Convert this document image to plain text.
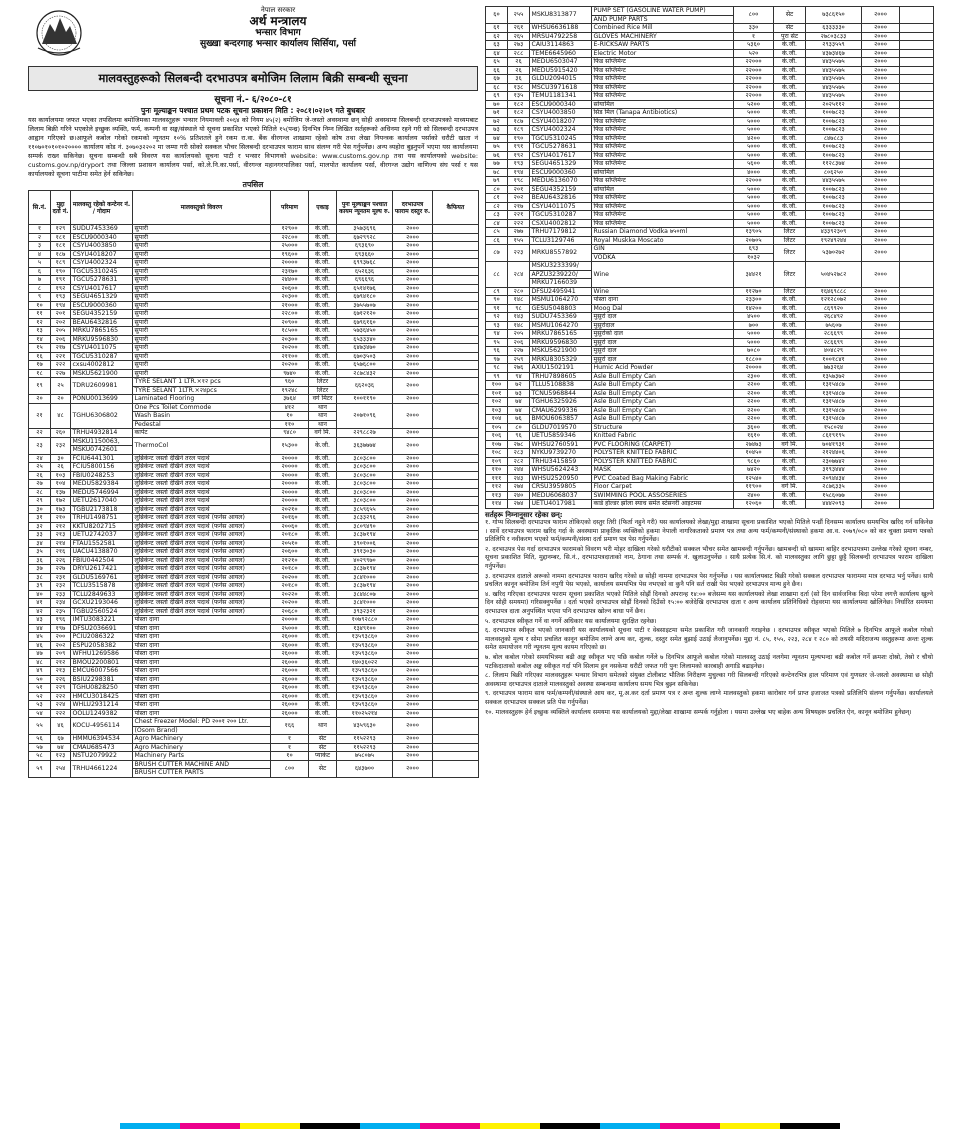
नेपाल सरकार
अर्थ मन्त्रालय
भन्सार विभाग
सुख्खा बन्दरगाह भन्सार कार्यालय सिर्सिया, पर्सा
मालवस्तुहरूको सिलबन्दी दरभाउपत्र बमोजिम लिलाम बिक्री सम्बन्धी सूचना
सूचना नं.- ६/२०८०-८१
पुनः मूल्याङ्कन पश्चात प्रथम पटक सूचना प्रकाशन मिति : २०८१।०२।०९ गते बुधबार
यस कार्यालयमा जफत भएका तपसिलमा बमोजिमका मालवस्तुहरू भन्सार नियमावली २०६४ को नियम ४५(२) बमोजिम जे-जस्तो अवस्थामा छन् सोही अवस्थामा सिलबन्दी दरभाउपत्रको माध्यमबाट लिलाम बिक्री गरिने भएकोले इच्छुक व्यक्ति, फर्म, कम्पनी वा सङ्घ/संस्थाले यो सूचना प्रकाशित भएको मितिले १५(पन्ध्र) दिनभित्र निम्न लिखित सर्तहरूको अधिनमा रहने गरी सो सिलबन्दी दरभाउपत्र आह्वान गरिएको छ।आफूले कबोल गरेको रकमको न्यूनतम १०% प्रतिशतले हुने रकम रा.वा. बैंक वीरगन्ज शाखामा रहेको कोष तथा लेखा नियन्त्रक कार्यालय पर्साको धरौटी खाता नं ११०७०१०१०१०२०००० कार्यालय कोड नं. ३०७०३२२०२ मा जम्मा गरी सोको सक्कल भौचर सिलबन्दी दरभाउपत्र फाराम साथ संलग्न गरी पेस गर्नुपर्नेछ। अन्य व्यहोरा बुझ्नुपर्ने भएमा यस कार्यालयमा सम्पर्क राख्न सकिनेछ। सूचना सम्बन्धी सबै विवरण यस कार्यालयको सूचना पाटी र भन्सार विभागको website: www.customs.gov.np तथा यस कार्यालयको website: customs.gov.np/dryport तथा जिल्ला प्रशासन कार्यालय पर्सा, को.ले.नि.का.पर्सा, वीरगन्ज महानगरपालिका पर्सा, मालपोत कार्यालय पर्सा, वीरगन्ज उद्योग वाणिज्य संघ पर्सा र यस कार्यालयको सूचना पाटीमा समेत हेर्न सकिनेछ।
तपसिल
सि.नं.	मुद्दा दर्ता नं.	मालवस्तु रहेको कन्टेनर नं. / गोदाम	मालवस्तुको विवरण	परिमाण	एकाइ	पुनः मूल्याङ्कन पश्चात कायम न्यूनतम मूल्य रु.	दरभाउपत्र फाराम दस्तुर रु.	कैफियत
१	१२९	SUDU7453369	सुपारी	१२९००	के.जी.	३५७३६९६	२०००	
२	१८१	ESCU9000340	सुपारी	२२८००	के.जी.	६७२९९२८	२०००	
३	१८१	CSYU4003850	सुपारी	२५०००	के.जी.	६९३६९०	२०००	
४	१८७	CSYU4018207	सुपारी	१९६००	के.जी.	६९३६६०	२०००	
५	१८९	CSYU4002324	सुपारी	२००००	के.जी.	६९९३७६८	२०००	
६	१९०	TGCU5310245	सुपारी	२३१७०	के.जी.	६५२६३६	२०००	
७	१९१	TGCU5278631	सुपारी	२४४००	के.जी.	६९६६९६	२०००	
८	१९२	CSYU4017617	सुपारी	२०६००	के.जी.	६५१४१७६	२०००	
९	१९३	SEGU4651329	सुपारी	२०३००	के.जी.	६७९४१८०	२०००	
१०	१९४	ESCU9000360	सुपारी	२१०००	के.जी.	३७५५७०७	२०००	
११	२०१	SEGU4352159	सुपारी	२२८००	के.जी.	६७१२१२०	२०००	
१२	२०२	BEAU6432816	सुपारी	२०९००	के.जी.	६७९६१६०	२०००	
१३	२०५	MRKU7865165	सुपारी	१८५००	के.जी.	५७३६४५०	२०००	
१४	२०६	MRKU9596830	सुपारी	२०३००	के.जी.	६५३३३४०	२०००	
१५	२१७	CSYU4011075	सुपारी	२०२००	के.जी.	६४७३४७०	२०००	
१६	२२१	TGCU5310287	सुपारी	२११००	के.जी.	६७०३५०३	२०००	
१७	२२२	cxsu4002812	सुपारी	२०२००	के.जी.	६५७६८००	२०००	
१८	२२७	MSKU5621900	सुपारी	९७४०	के.जी.	२८७८४३२	२०००	
१९	२५	TDRU2609981	TYRE SELANT 1 LTR.×१२ pcs	९६०	लिटर	६६२०३६	२०००	
			TYRE SELANT 1LTR.×२४pcs	१९२४८	लिटर			
२०	२०	PONU0013699	Laminated Flooring	३७६४	वर्ग मिटर	१००११९०	२०००	
२१	४८	TGHU6306802	One Pcs Toilet Commode	४१२	थान	२०७१०९६	२०००	
			Wash Basin	१०	थान			
			Pedestal	११०	थान			
२२	२६०	TRHU4932814	कार्पेट	९४८०	वर्ग मि.	२२९८८२७	२०००	
२३	२३२	MSKU1150063,	ThermoCol	१५३००	के.जी.	३६३७७७४	२०००	
		MSKU0742601						
२४	३०	FCIU6441301	लुब्रिकेन्ट जस्तो देखिने तरल पदार्थ	२००००	के.जी.	३८०३८००	२०००	
२५	२६	FCIU5800156	लुब्रिकेन्ट जस्तो देखिने तरल पदार्थ	२००००	के.जी.	३८०३८००	२०००	
२६	१०३	FBIU0248253	लुब्रिकेन्ट जस्तो देखिने तरल पदार्थ	२००००	के.जी.	३८०३८००	२०००	
२७	१०४	MEDU5829384	लुब्रिकेन्ट जस्तो देखिने तरल पदार्थ	२००००	के.जी.	३८०३८००	२०००	
२८	१३७	MEDU5746994	लुब्रिकेन्ट जस्तो देखिने तरल पदार्थ	२००००	के.जी.	३८०३८००	२०००	
२९	१७२	UETU2617040	लुब्रिकेन्ट जस्तो देखिने तरल पदार्थ	२००००	के.जी.	३८०३८००	२०००	
३०	१७३	TGBU2173818	लुब्रिकेन्ट जस्तो देखिने तरल पदार्थ	२०२१०	के.जी.	३८५९६५५	२०००	
३१	२१०	TRHU1498751	लुब्रिकेन्ट जस्तो देखिने तरल पदार्थ (फर्नेस आयल)	२०१६०	के.जी.	३८३३२९६	२०००	
३२	२१२	KKTU8202715	लुब्रिकेन्ट जस्तो देखिने तरल पदार्थ (फर्नेस आयल)	२००६०	के.जी.	३८०९४९०	२०००	
३३	२१३	UETU2742037	लुब्रिकेन्ट जस्तो देखिने तरल पदार्थ (फर्नेस आयल)	२०१८०	के.जी.	३८३७१९४	२०००	
३४	२१४	FTAU1552581	लुब्रिकेन्ट जस्तो देखिने तरल पदार्थ (फर्नेस आयल)	२०५१०	के.जी.	३९०१००६	२०००	
३५	२१६	UACU4138870	लुब्रिकेन्ट जस्तो देखिने तरल पदार्थ (फर्नेस आयल)	२०६००	के.जी.	३९१३०३०	२०००	
३६	२२६	FBIU0442504	लुब्रिकेन्ट जस्तो देखिने तरल पदार्थ (फर्नेस आयल)	२१२१०	के.जी.	४०२९९७०	२०००	
३७	२२७	DRYU2617421	लुब्रिकेन्ट जस्तो देखिने तरल पदार्थ (फर्नेस आयल)	२०१८०	के.जी.	३८३७१९४	२०००	
३८	२३१	GLDU5169761	लुब्रिकेन्ट जस्तो देखिने तरल पदार्थ (फर्नेस आयल)	२०२००	के.जी.	३८४१०००	२०००	
३९	२३२	TCLU3515878	लुब्रिकेन्ट जस्तो देखिने तरल पदार्थ (फर्नेस आयल)	२०१८०	के.जी.	३८३७१९४	२०००	
४०	२३३	TCLU2849633	लुब्रिकेन्ट जस्तो देखिने तरल पदार्थ (फर्नेस आयल)	२०२२०	के.जी.	३८४४८०७	२०००	
४१	२३४	GCXU2193046	लुब्रिकेन्ट जस्तो देखिने तरल पदार्थ (फर्नेस आयल)	२०२००	के.जी.	३८४१०००	२०००	
४२	२३५	TGBU2560524	लुब्रिकेन्ट जस्तो देखिने तरल पदार्थ (फर्नेस आयल)	२०६८०	के.जी.	३९३२३२१	२०००	
४३	१९६	IMTU3083221	पोस्ता दाना	२००००	के.जी.	१०७९२८८०	२०००	
४४	१९७	DFSU2036691	पोस्ता दाना	२५०००	के.जी.	१३४९१००	२०००	
४५	२००	PCIU2086322	पोस्ता दाना	२६०००	के.जी.	१३५९३८६०	२०००	
४६	२०२	ESPU2058382	पोस्ता दाना	२६०००	के.जी.	१३५९३८६०	२०००	
४७	२०९	WFHU1269586	पोस्ता दाना	२६०००	के.जी.	१३५९३८६०	२०००	
४८	२१२	BMOU2200801	पोस्ता दाना	२६०००	के.जी.	१४०३६०२२	२०००	
४९	२१३	EMCU6007566	पोस्ता दाना	२६०००	के.जी.	१३५९३८६०	२०००	
५०	२२६	BSIU2298381	पोस्ता दाना	२६०००	के.जी.	१३५९३८६०	२०००	
५१	२२९	TGHU0828250	पोस्ता दाना	२६०००	के.जी.	१३५९३८६०	२०००	
५२	२२२	HMCU3018425	पोस्ता दाना	२६०००	के.जी.	१३५९३८६०	२०००	
५३	२२४	WHLU2931214	पोस्ता दाना	२६०००	के.जी.	१३५९३८६०	२०००	
५४	२२२	OOLU1249382	पोस्ता दाना	२६०००	के.जी.	११०२५२१४	२०००	
५५	४६	KOCU-4956114	Chest Freezer Model: PD २००१ २०० Ltr.	१६६	थान	४३५९६३०	२०००	
			(Osom Brand)					
५६	६७	HMMU6394534	Agro Machinery	१	सेट	११५२२९३	२०००	
५७	७४	CMAU685473	Agro Machinery	१	सेट	११५२२९३	२०००	
५८	१२३	NSTU2079922	Machinery Parts	१०	प्याकेट	७५८०७५	२०००	
५९	२५४	TRHU4661224	BRUSH CUTTER MACHINE AND	८००	सेट	६४३७००	२०००	
			BRUSH CUTTER PARTS					
६०	२५५	MSKU8313877	PUMP SET (GASOLINE WATER PUMP)	८००	सेट	७३८६१५०	२०००	
			AND PUMP PARTS					
६१	२६१	WHSU6636188	Combined Rice Mill	३३०	सेट	६३३३३३०	२०००	
६२	२६५	MRSU4792258	GLOVES MACHINERY	१	पुरा सेट	२७८०३८३३	२०००	
६३	२७३	CAIU3114863	E-RICKSAW PARTS	५३६०	के.जी.	२९३३५५९	२०००	
६४	२८८	TEME6645960	Electric Motor	५२०	के.जी.	४३७३४६७	२०००	
६५	२६	MEDU6503047	फिड सप्लिमेन्ट	२२०००	के.जी.	४४३५५७५	२०००	
६६	२६	MEDU5915420	फिड सप्लिमेन्ट	२२०००	के.जी.	४४३५५७५	२०००	
६७	३६	GLDU2094015	फिड सप्लिमेन्ट	२२०००	के.जी.	४४३५५७५	२०००	
६८	१३८	MSCU3971618	फिड सप्लिमेन्ट	२२०००	के.जी.	४४३५५७५	२०००	
६९	१३५	TEMU1181341	फिड सप्लिमेन्ट	२२०००	के.जी.	४४३५५७५	२०००	
७०	१८२	ESCU9000340	सोयामिल	५२००	के.जी.	२०२५११२	२०००	
७१	१८२	CSYU4003850	सिड मिल (Tanapa Antibiotics)	५०००	के.जी.	१००७८२३	२०००	
७२	१८७	CSYU4018207	फिड सप्लिमेन्ट	५०००	के.जी.	१००७८२३	२०००	
७३	१८९	CSYU4002324	फिड सप्लिमेन्ट	५०००	के.जी.	१००७८२३	२०००	
७४	१९०	TGCU5310245	फिड सप्लिमेन्ट	४२००	के.जी.	८४७८८३	२०००	
७५	१९१	TGCU5278631	फिड सप्लिमेन्ट	५०००	के.जी.	१००७८२३	२०००	
७६	१९२	CSYU4017617	फिड सप्लिमेन्ट	५०००	के.जी.	१००७८२३	२०००	
७७	१९३	SEGU4651329	फिड सप्लिमेन्ट	५६००	के.जी.	११२८३७४	२०००	
७८	१९४	ESCU9000360	सोयामिल	४०००	के.जी.	८०६२५०	२०००	
७९	१९८	MEDU6136070	फिड सप्लिमेन्ट	२२०००	के.जी.	४४३५५७५	२०००	
८०	२०१	SEGU4352159	सोयामिल	५०००	के.जी.	१००७८२३	२०००	
८१	२०२	BEAU6432816	फिड सप्लिमेन्ट	५०००	के.जी.	१००७८२३	२०००	
८२	२१७	CSYU4011075	फिड सप्लिमेन्ट	५०००	के.जी.	१००७८२३	२०००	
८३	२२१	TGCU5310287	फिड सप्लिमेन्ट	५०००	के.जी.	१००७८२३	२०००	
८४	२२२	CSXU4002812	फिड सप्लिमेन्ट	५०००	के.जी.	१००७८२३	२०००	
८५	२७७	TRHU7179812	Russian Diamond Vodka ७५०ml	१३९०५	लिटर	४३३९२३०९	२०००	
८६	१५५	TCLU3129746	Royal Muskka Moscato	२०७०५	लिटर	१९२४९२४४	२०००	
८७	२२३	MRKU8557892	GIN	६९३	लिटर	५३७०२७२	२०००	
			VODKA	१०३२				
८८	२८४	MSKU3233399/	Wine	३४४२१	लिटर	५०४५२७८२	२०००	
		APZU3239220/						
		MRKU7166039						
८९	२८०	DFSU2495941	Wine	११२७०	लिटर	१६४६९८८८	२०००	
९०	१४८	MSMU1064270	पोस्ता दाना	२३३००	के.जी.	१२१२८०७२	२०००	
९१	९८	GESU5048803	Moog Dal	१४२००	के.जी.	८६९९२०	२०००	
९२	१४३	SUDU7453369	मुसुरो दाल	४५००	के.जी.	२६८४९२	२०००	
९३	१४८	MSMU1064270	मुसुरोदाल	७००	के.जी.	७५६०७	२०००	
९४	२०५	MRKU7865165	मुसुरोको दाल	५०००	के.जी.	२८६६९९	२०००	
९५	२०६	MRKU9596830	मुसुरो दाल	५०००	के.जी.	२८६६९९	२०००	
९६	२२७	MSKU5621900	मुसुरो दाल	७०८०	के.जी.	४०४८२९	२०००	
९७	२५९	MRKU8305329	मुसुरो दाल	१८८००	के.जी.	१००१८४१	२०००	
९८	२७६	AXIU1502191	Humic Acid Powder	२००००	के.जी.	७७३२६४	२०००	
९९	९४	TRHU7898605	Asle Bull Empty Can	२३००	के.जी.	१३५७३७२	२०००	
१००	७२	TLLU5108838	Asle Bull Empty Can	२२००	के.जी.	१३१५४८७	२०००	
१०१	७३	TCNU5968844	Asle Bull Empty Can	२२००	के.जी.	१३१५४८७	२०००	
१०२	७४	TGHU6325926	Asle Bull Empty Can	२२००	के.जी.	१३१५४८७	२०००	
१०३	७४	CMAU6299336	Asle Bull Empty Can	२२००	के.जी.	१३१५४८७	२०००	
१०४	७६	BMOU6063857	Asle Bull Empty Can	२२००	के.जी.	१३१५४८७	२०००	
१०५	८०	GLDU7019570	Structure	३६००	के.जी.	१५८०२४	२०००	
१०६	९६	UETU5859346	Knitted Fabric	१६१०	के.जी.	८६१९१९५	२०००	
१०७	२७८	WHSU2760591	PVC FLOORING (CARPET)	२७४७३	वर्ग मि.	७०४१९३१	२०००	
१०८	२८३	NYKU9739270	POLYSTER KNITTED FABRIC	१०४५०	के.जी.	२१२४४०६	२०००	
१०९	२८२	TRHU3415859	POLYSTER KNITTED FABRIC	९८६०	के.जी.	२३०७७४२	२०००	
११०	२४४	WHSU5624243	MASK	७४२०	के.जी.	३१९३४४४	२०००	
१११	२४३	WHSU2520950	PVC Coated Bag Making Fabric	१२५४०	के.जी.	२०९४४३४	२०००	
११२	२७४	CRSU3959805	Floor Carpet	११९००	वर्ग मि.	२८७६३३५	२०००	
११३	२४०	MEDU6068037	SWIMMING POOL ASSOSERIES	२४००	के.जी.	१५८६०७७	२०००	
११४	२७४	UETU4017981	कार्ड होल्डर झोला स्याच समेत स्टेसनरी आइटमस	१२०६०	के.जी.	४४४२०९३	२०००	
सर्तहरू निम्नानुसार रहेका छन्:

१. गोप्य सिलबन्दी दरभाउपत्र फाराम तोकिएको दस्तुर तिरी (फिर्ता नहुने गरी) यस कार्यालयको लेखा/मुद्दा शाखामा सूचना प्रकाशित भएको मितिले पन्ध्रौं दिनसम्म कार्यालय समयभित्र खरिद गर्न सकिनेछ । सार्वे दरभाउपत्र फाराम खरिद गर्दा के अवस्थामा प्राकृतिक व्यक्तिको हकमा नेपाली नागरिकताको प्रमाण पत्र तथा अन्य फर्म/कम्पनी/संस्थाको हकमा आ.व. २०७९/०८० को कर चुक्ता प्रमाण पत्रको प्रतिलिपि र नवीकरण भएको फर्म/कम्पनी/संस्था दर्ता प्रमाण पत्र पेस गर्नुपर्नेछ।

२. दरभाउपत्र पेस गर्दा दरभाउपत्र फारामको विवरण भरी मोहर दाखिला गरेको धरौटीको सक्कल भौचर समेत खामबन्दी गर्नुपर्नेछ। खामबन्दी सो खाममा बाहिर दरभाउपत्रमा उल्लेख गरेको सूचना नम्बर, सूचना प्रकाशित मिति, मुद्दानम्बर, सि.नं., दरभाउपत्रदाताको नाम, ठेगाना तथा सम्पर्क नं. खुलाउनुपर्नेछ । साथै प्रत्येक सि.नं. को मालवस्तुका लागि छुट्टा छुट्टै सिलबन्दी दरभाउपत्र फाराम दाखिला गर्नुपर्नेछ।

३. दरभाउपत्र दाताले अरूको नाममा दरभाउपत्र फाराम खरिद गरेको छ सोही नाममा दरभाउपत्र पेस गर्नुपर्नेछ । यस कार्यालयबाट बिक्री गरेको सक्कल दरभाउपत्र फाराममा मात्र दरभाउ भर्नु पर्नेछ। साथै प्रचलित कानून बमोजिम तिर्न नपुगी पेस भएको, कार्यालय समयभित्र पेस नभएको वा कुनै पनि सर्त राखी पेस भएको दरभाउपत्र मान्य हुने छैन।

४. खरिद गरिएका दरभाउपत्र फाराम सूचना प्रकाशित भएको मितिले सोह्रौं दिनको अपरान्ह १४:०० बजेसम्म यस कार्यालयको लेखा शाखामा दर्ता (सो दिन सार्वजनिक बिदा परेमा लगत्तै कार्यालय खुल्ने दिन सोही समयमा) गरिसक्नुपर्नेछ । दर्ता भएको दरभाउपत्र सोह्रौं दिनको दिउँसो १५:०० बजेदेखि दरभाउपत्र दाता र अन्य कार्यालय प्रतिनिधिको रोहवरमा यस कार्यालयमा खोलिनेछ। निर्धारित समयमा दरभाउपत्र दाता अनुपस्थित भएमा पनि दरभाउपत्र खोल्न बाधा पर्ने छैन।

५. दरभाउपत्र स्वीकृत गर्ने वा नगर्ने अधिकार यस कार्यालयमा सुरक्षित रहनेछ।

६. दरभाउपत्र स्वीकृत भएको जानकारी यस कार्यालयको सूचना पाटी र वेबसाइटमा समेत प्रकाशित गरी जानकारी गराइनेछ । दरभाउपत्र स्वीकृत भएको मितिले ७ दिनभित्र आफूले कबोल गरेको मालवस्तुको मूल्य र सोमा प्रचलित कानून बमोजिम लाग्ने अन्य कर, शुल्क, दस्तुर समेत बुझाई उठाई लैजानुपर्नेछ। मुद्दा नं. ८५, १५५, २२३, २८४ र २८० को तथसी मदिराजन्य वस्तुहरूमा अन्तः शुल्क समेत समायोजन गरी न्यूनतम मूल्य कायम गरिएको छ।

७. बोल कबोल गरेको समयभित्रमा बढी अङ्क स्वीकृत भए पछि कबोल गर्नेले ७ दिनभित्र आफूले कबोल गरेको मालवस्तु उठाई नलगेमा न्यूनतम मूल्यभन्दा बढी कबोल गर्ने क्रमशः दोस्रो, तेस्रो र चौथो पटकिदाताको कबोल अङ्क स्वीकृत गर्दा पनि सिलाम हुन नसकेमा धरौटी जफत गरी पुनः लिलामको कारबाही अगाडि बढाइनेछ।

८. लिलाम बिक्री गरिएका मालवस्तुहरू भन्सार विभाग समेतको संयुक्त टोलीबाट भौतिक निरीक्षण मुचुल्का गरी सिलबन्दी गरिएको कन्टेनरभित्र हाल परिमाण एवं गुणस्तर जे-जस्तो अवस्थामा छ सोही अवस्थामा दरभाउपत्र दाताले मालवस्तुको अवस्था सम्बन्धमा कार्यालय समय भित्र बुझ्न सकिनेछ।

९. दरभाउपत्र फाराम साथ फर्म/कम्पनी/संस्थाले आय कर, मू.अ.कर दर्ता प्रमाण पत्र र अन्त शुल्क लाग्ने मालवस्तुको हकमा कारोबार गर्न प्राप्त इजाजत पत्रको प्रतिलिपि संलग्न गर्नुपर्नेछ। कार्यालयले सक्कल दरभाउपत्र सक्कल प्रति पेस गर्नुपर्नेछ।

१०. मालवस्तुहरू हेर्न इच्छुक व्यक्तिले कार्यालय समयमा यस कार्यालयको मुद्दा/लेखा शाखामा सम्पर्क गर्नुहोला । यसमा उल्लेख भए बाहेक अन्य विषयहरू प्रचलित ऐन, कानून बमोजिम हुनेछन्।
